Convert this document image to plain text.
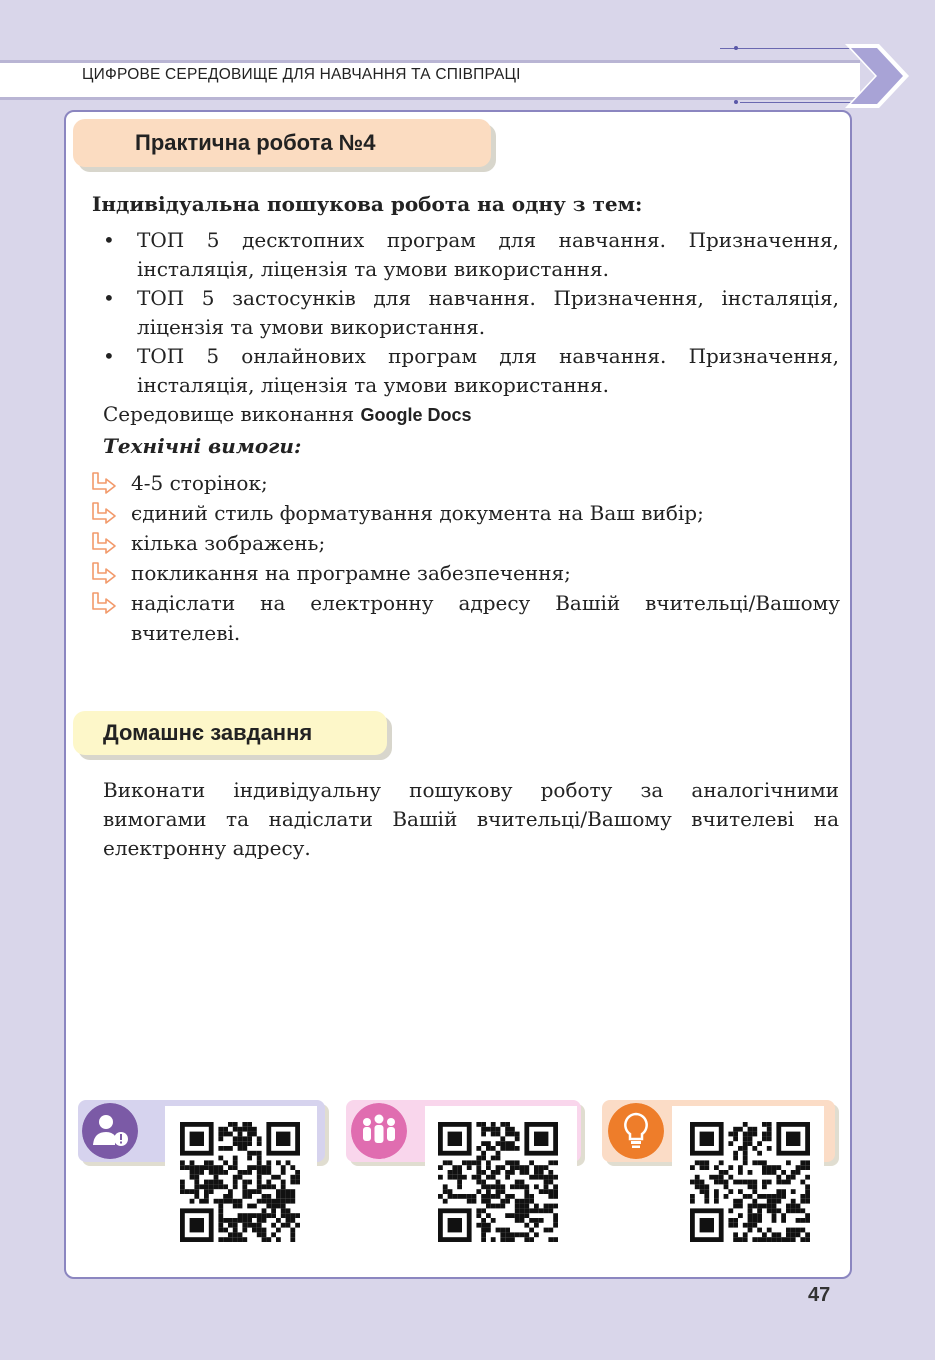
ЦИФРОВЕ СЕРЕДОВИЩЕ ДЛЯ НАВЧАННЯ ТА СПІВПРАЦІ
Практична робота №4
Індивідуальна пошукова робота на одну з тем:
• ТОП 5 десктопних програм для навчання. Призначення, інсталяція, ліцензія та умови використання.
• ТОП 5 застосунків для навчання. Призначення, інсталяція, ліцензія та умови використання.
• ТОП 5 онлайнових програм для навчання. Призначення, інсталяція, ліцензія та умови використання.
Середовище виконання Google Docs
Технічні вимоги:
4-5 сторінок;
єдиний стиль форматування документа на Ваш вибір;
кілька зображень;
покликання на програмне забезпечення;
надіслати на електронну адресу Вашій вчительці/Вашому вчителеві.
Домашнє завдання
Виконати індивідуальну пошукову роботу за аналогічними вимогами та надіслати Вашій вчительці/Вашому вчителеві на електронну адресу.
47
